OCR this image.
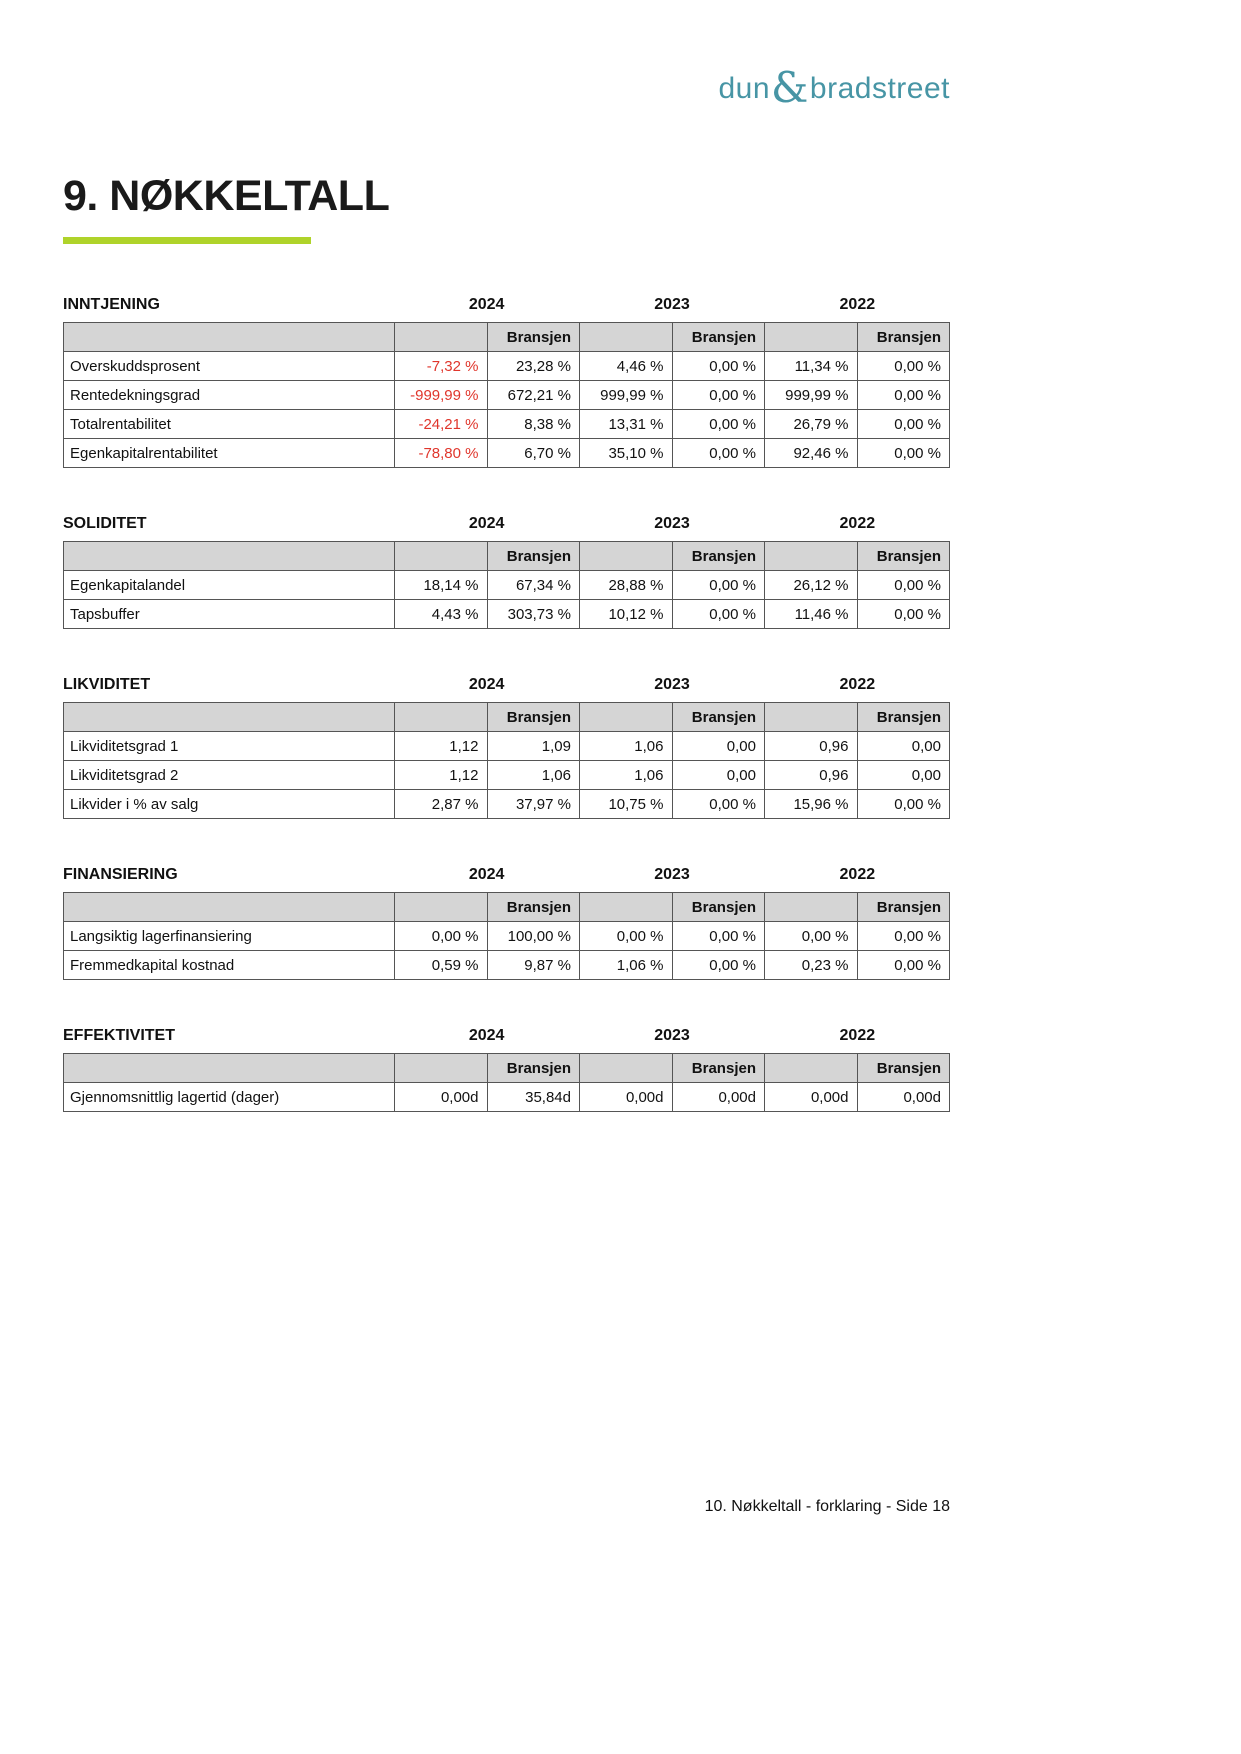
dun&bradstreet
9. NØKKELTALL
INNTJENING	2024	2023	2022
		Bransjen		Bransjen		Bransjen
Overskuddsprosent	-7,32 %	23,28 %	4,46 %	0,00 %	11,34 %	0,00 %
Rentedekningsgrad	-999,99 %	672,21 %	999,99 %	0,00 %	999,99 %	0,00 %
Totalrentabilitet	-24,21 %	8,38 %	13,31 %	0,00 %	26,79 %	0,00 %
Egenkapitalrentabilitet	-78,80 %	6,70 %	35,10 %	0,00 %	92,46 %	0,00 %
SOLIDITET	2024	2023	2022
		Bransjen		Bransjen		Bransjen
Egenkapitalandel	18,14 %	67,34 %	28,88 %	0,00 %	26,12 %	0,00 %
Tapsbuffer	4,43 %	303,73 %	10,12 %	0,00 %	11,46 %	0,00 %
LIKVIDITET	2024	2023	2022
		Bransjen		Bransjen		Bransjen
Likviditetsgrad 1	1,12	1,09	1,06	0,00	0,96	0,00
Likviditetsgrad 2	1,12	1,06	1,06	0,00	0,96	0,00
Likvider i % av salg	2,87 %	37,97 %	10,75 %	0,00 %	15,96 %	0,00 %
FINANSIERING	2024	2023	2022
		Bransjen		Bransjen		Bransjen
Langsiktig lagerfinansiering	0,00 %	100,00 %	0,00 %	0,00 %	0,00 %	0,00 %
Fremmedkapital kostnad	0,59 %	9,87 %	1,06 %	0,00 %	0,23 %	0,00 %
EFFEKTIVITET	2024	2023	2022
		Bransjen		Bransjen		Bransjen
Gjennomsnittlig lagertid (dager)	0,00d	35,84d	0,00d	0,00d	0,00d	0,00d
10. Nøkkeltall - forklaring - Side 18
